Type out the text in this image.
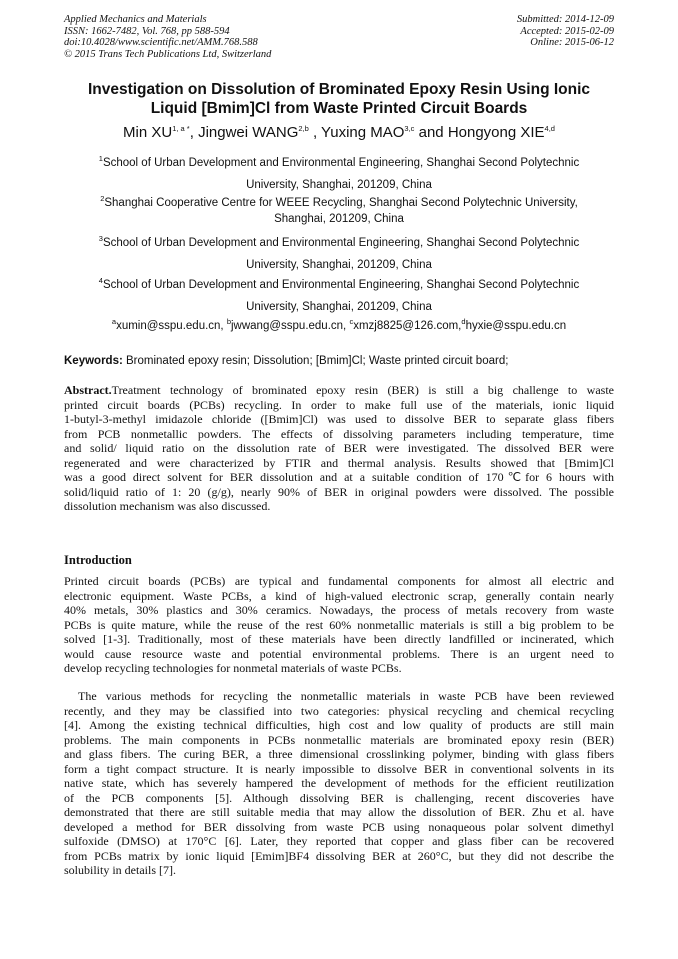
Applied Mechanics and Materials
ISSN: 1662-7482, Vol. 768, pp 588-594
doi:10.4028/www.scientific.net/AMM.768.588
© 2015 Trans Tech Publications Ltd, Switzerland
Submitted: 2014-12-09
Accepted: 2015-02-09
Online: 2015-06-12
Investigation on Dissolution of Brominated Epoxy Resin Using Ionic
Liquid [Bmim]Cl from Waste Printed Circuit Boards
Min $XU^{1, a *}$, Jingwei WANG$^{2,b}$ , Yuxing MAO$^{3,c}$ and Hongyong XIE$^{4,d}$
$^1$School of Urban Development and Environmental Engineering, Shanghai Second Polytechnic
University, Shanghai, 201209, China
$^2$Shanghai Cooperative Centre for WEEE Recycling, Shanghai Second Polytechnic University,
Shanghai, 201209, China
$^3$School of Urban Development and Environmental Engineering, Shanghai Second Polytechnic
University, Shanghai, 201209, China
$^4$School of Urban Development and Environmental Engineering, Shanghai Second Polytechnic
University, Shanghai, 201209, China
$^a$xumin@sspu.edu.cn, $^b$jwwang@sspu.edu.cn, $^c$xmzj8825@126.com,$^d$hyxie@sspu.edu.cn
Keywords: Brominated epoxy resin; Dissolution; [Bmim]Cl; Waste printed circuit board;
Abstract.Treatment technology of brominated epoxy resin (BER) is still a big challenge to waste
printed circuit boards (PCBs) recycling. In order to make full use of the materials, ionic liquid
1-butyl-3-methyl imidazole chloride ([Bmim]Cl) was used to dissolve BER to separate glass fibers
from PCB nonmetallic powders. The effects of dissolving parameters including temperature, time
and solid/ liquid ratio on the dissolution rate of BER were investigated. The dissolved BER were
regenerated and were characterized by FTIR and thermal analysis. Results showed that [Bmim]Cl
was a good direct solvent for BER dissolution and at a suitable condition of 170℃for 6 hours with
solid/liquid ratio of 1: 20 (g/g), nearly 90% of BER in original powders were dissolved. The possible
dissolution mechanism was also discussed.
Introduction
Printed circuit boards (PCBs) are typical and fundamental components for almost all electric and
electronic equipment. Waste PCBs, a kind of high-valued electronic scrap, generally contain nearly
40% metals, 30% plastics and 30% ceramics. Nowadays, the process of metals recovery from waste
PCBs is quite mature, while the reuse of the rest 60% nonmetallic materials is still a big problem to be
solved [1-3]. Traditionally, most of these materials have been directly landfilled or incinerated, which
would cause resource waste and potential environmental problems. There is an urgent need to
develop recycling technologies for nonmetal materials of waste PCBs.
The various methods for recycling the nonmetallic materials in waste PCB have been reviewed
recently, and they may be classified into two categories: physical recycling and chemical recycling
[4]. Among the existing technical difficulties, high cost and low quality of products are still main
problems. The main components in PCBs nonmetallic materials are brominated epoxy resin (BER)
and glass fibers. The curing BER, a three dimensional crosslinking polymer, binding with glass fibers
form a tight compact structure. It is nearly impossible to dissolve BER in conventional solvents in its
native state, which has severely hampered the development of methods for the efficient reutilization
of the PCB components [5]. Although dissolving BER is challenging, recent discoveries have
demonstrated that there are still suitable media that may allow the dissolution of BER. Zhu et al. have
developed a method for BER dissolving from waste PCB using nonaqueous polar solvent dimethyl
sulfoxide (DMSO) at 170°C [6]. Later, they reported that copper and glass fiber can be recovered
from PCBs matrix by ionic liquid [Emim]BF4 dissolving BER at 260°C, but they did not describe the
solubility in details [7].
